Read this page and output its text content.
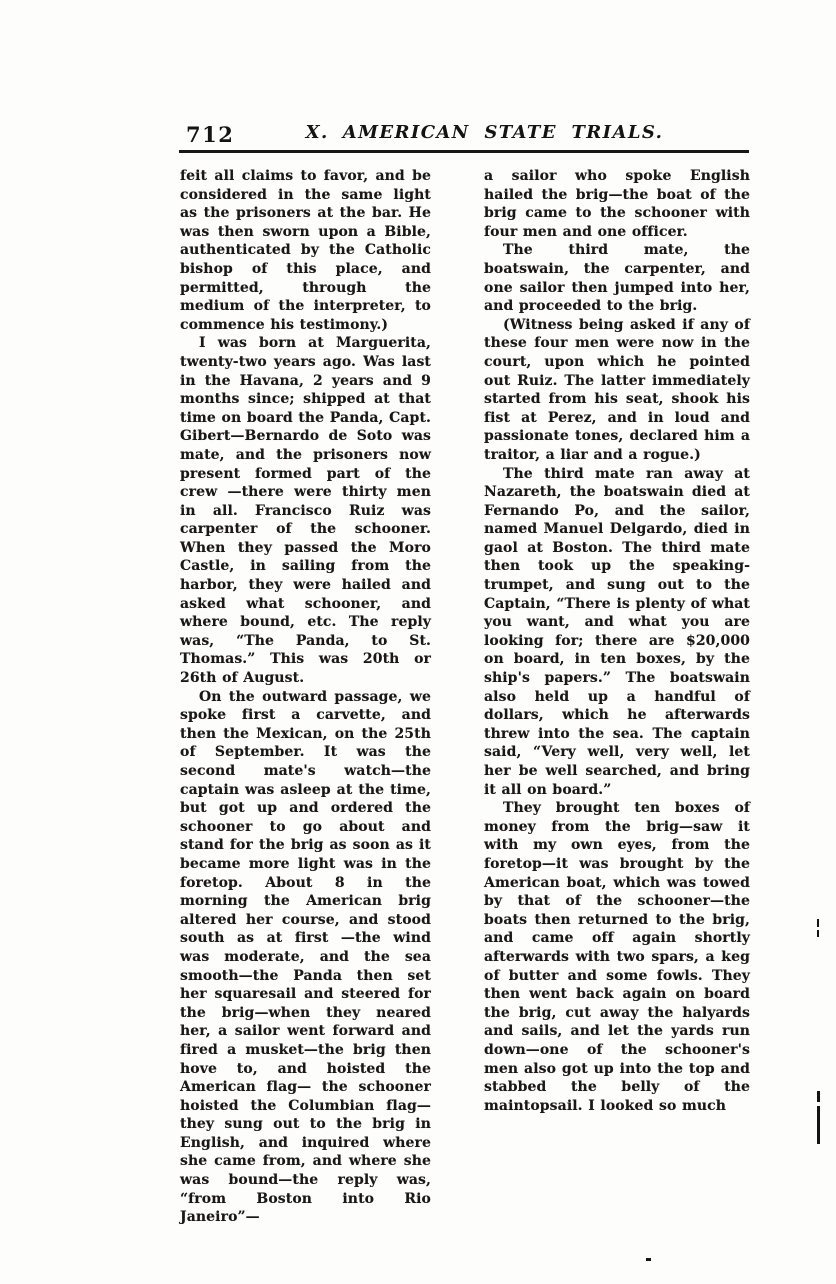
712	X. AMERICAN STATE TRIALS.

feit all claims to favor, and be considered in the same light as the prisoners at the bar. He was then sworn upon a Bible, authenticated by the Catholic bishop of this place, and permitted, through the medium of the interpreter, to commence his testimony.)

I was born at Marguerita, twenty-two years ago. Was last in the Havana, 2 years and 9 months since; shipped at that time on board the Panda, Capt. Gibert—Bernardo de Soto was mate, and the prisoners now present formed part of the crew —there were thirty men in all. Francisco Ruiz was carpenter of the schooner. When they passed the Moro Castle, in sailing from the harbor, they were hailed and asked what schooner, and where bound, etc. The reply was, “The Panda, to St. Thomas.” This was 20th or 26th of August.

On the outward passage, we spoke first a carvette, and then the Mexican, on the 25th of September. It was the second mate's watch—the captain was asleep at the time, but got up and ordered the schooner to go about and stand for the brig as soon as it became more light was in the foretop. About 8 in the morning the American brig altered her course, and stood south as at first —the wind was moderate, and the sea smooth—the Panda then set her squaresail and steered for the brig—when they neared her, a sailor went forward and fired a musket—the brig then hove to, and hoisted the American flag— the schooner hoisted the Columbian flag—they sung out to the brig in English, and inquired where she came from, and where she was bound—the reply was, “from Boston into Rio Janeiro”—

a sailor who spoke English hailed the brig—the boat of the brig came to the schooner with four men and one officer.

The third mate, the boatswain, the carpenter, and one sailor then jumped into her, and proceeded to the brig.

(Witness being asked if any of these four men were now in the court, upon which he pointed out Ruiz. The latter immediately started from his seat, shook his fist at Perez, and in loud and passionate tones, declared him a traitor, a liar and a rogue.)

The third mate ran away at Nazareth, the boatswain died at Fernando Po, and the sailor, named Manuel Delgardo, died in gaol at Boston. The third mate then took up the speaking-trumpet, and sung out to the Captain, “There is plenty of what you want, and what you are looking for; there are $20,000 on board, in ten boxes, by the ship's papers.” The boatswain also held up a handful of dollars, which he afterwards threw into the sea. The captain said, “Very well, very well, let her be well searched, and bring it all on board.”

They brought ten boxes of money from the brig—saw it with my own eyes, from the foretop—it was brought by the American boat, which was towed by that of the schooner—the boats then returned to the brig, and came off again shortly afterwards with two spars, a keg of butter and some fowls. They then went back again on board the brig, cut away the halyards and sails, and let the yards run down—one of the schooner's men also got up into the top and stabbed the belly of the maintopsail. I looked so much
